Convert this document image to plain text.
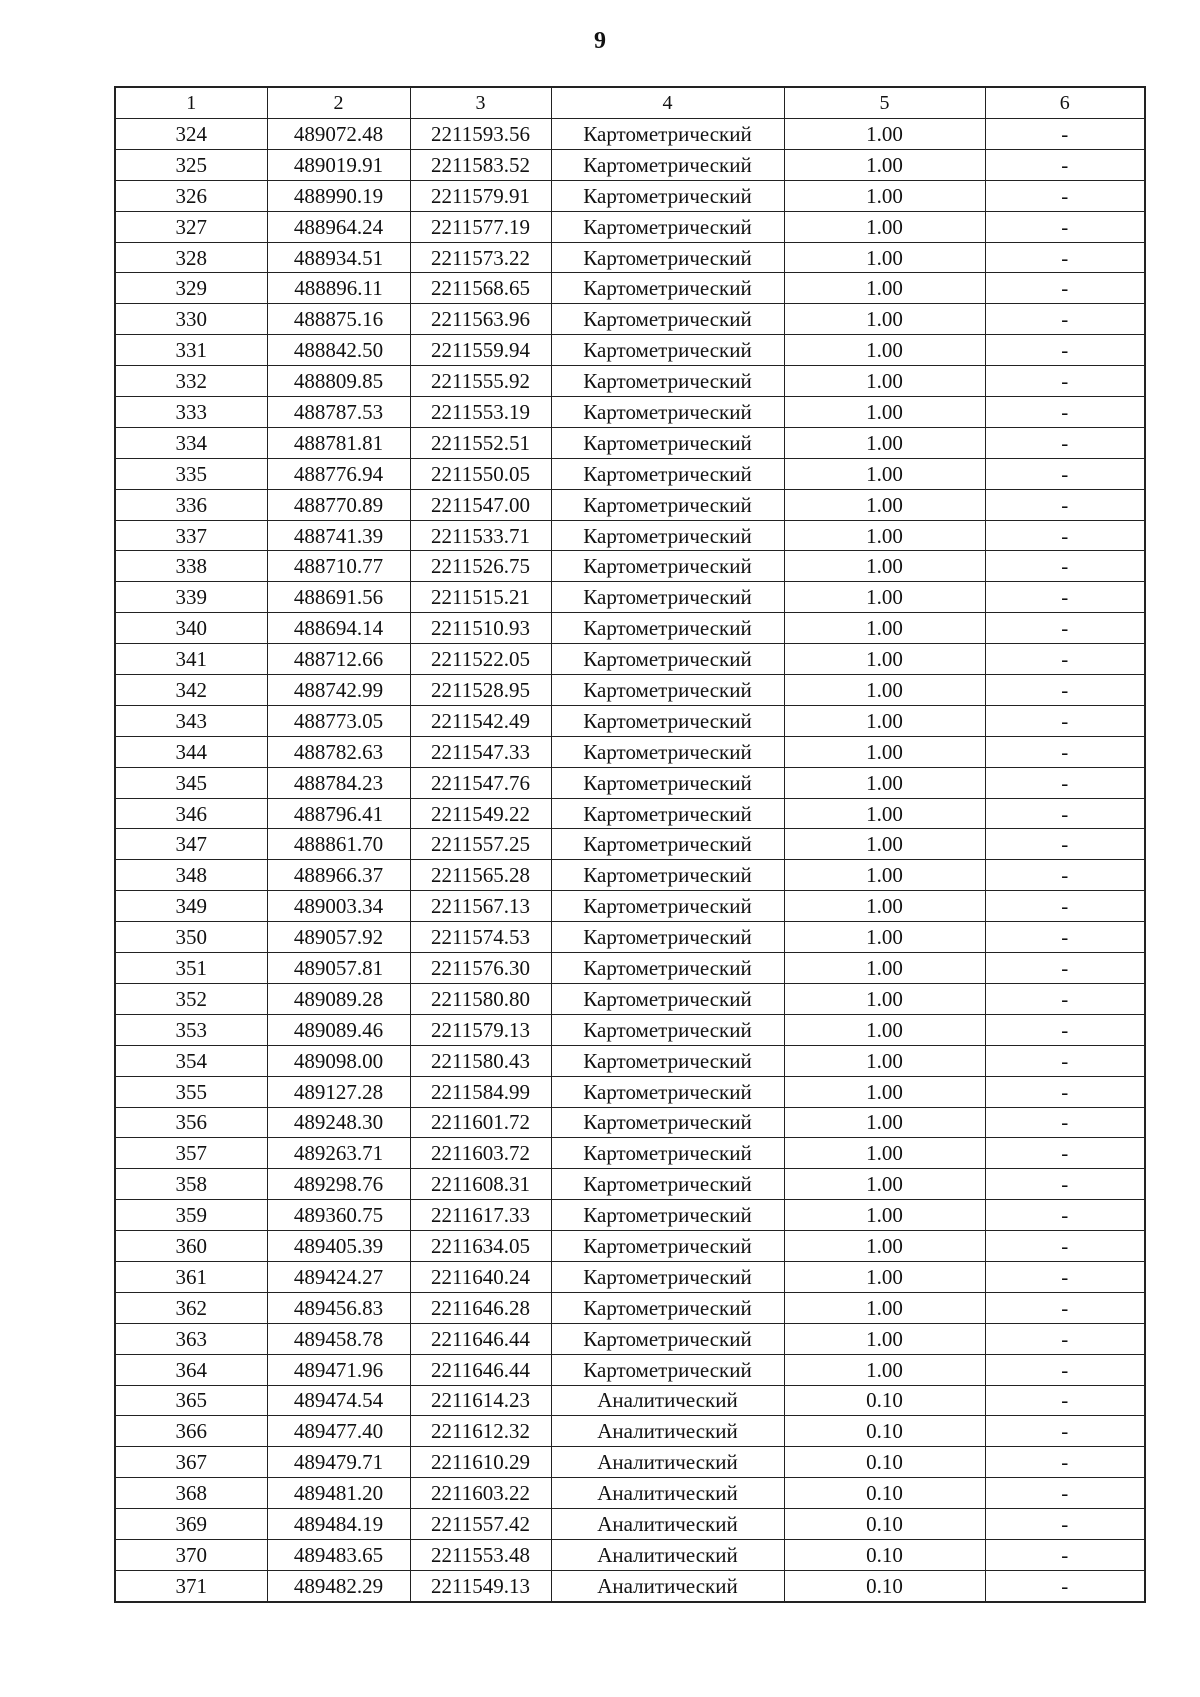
9
1	2	3	4	5	6
324	489072.48	2211593.56	Картометрический	1.00	-
325	489019.91	2211583.52	Картометрический	1.00	-
326	488990.19	2211579.91	Картометрический	1.00	-
327	488964.24	2211577.19	Картометрический	1.00	-
328	488934.51	2211573.22	Картометрический	1.00	-
329	488896.11	2211568.65	Картометрический	1.00	-
330	488875.16	2211563.96	Картометрический	1.00	-
331	488842.50	2211559.94	Картометрический	1.00	-
332	488809.85	2211555.92	Картометрический	1.00	-
333	488787.53	2211553.19	Картометрический	1.00	-
334	488781.81	2211552.51	Картометрический	1.00	-
335	488776.94	2211550.05	Картометрический	1.00	-
336	488770.89	2211547.00	Картометрический	1.00	-
337	488741.39	2211533.71	Картометрический	1.00	-
338	488710.77	2211526.75	Картометрический	1.00	-
339	488691.56	2211515.21	Картометрический	1.00	-
340	488694.14	2211510.93	Картометрический	1.00	-
341	488712.66	2211522.05	Картометрический	1.00	-
342	488742.99	2211528.95	Картометрический	1.00	-
343	488773.05	2211542.49	Картометрический	1.00	-
344	488782.63	2211547.33	Картометрический	1.00	-
345	488784.23	2211547.76	Картометрический	1.00	-
346	488796.41	2211549.22	Картометрический	1.00	-
347	488861.70	2211557.25	Картометрический	1.00	-
348	488966.37	2211565.28	Картометрический	1.00	-
349	489003.34	2211567.13	Картометрический	1.00	-
350	489057.92	2211574.53	Картометрический	1.00	-
351	489057.81	2211576.30	Картометрический	1.00	-
352	489089.28	2211580.80	Картометрический	1.00	-
353	489089.46	2211579.13	Картометрический	1.00	-
354	489098.00	2211580.43	Картометрический	1.00	-
355	489127.28	2211584.99	Картометрический	1.00	-
356	489248.30	2211601.72	Картометрический	1.00	-
357	489263.71	2211603.72	Картометрический	1.00	-
358	489298.76	2211608.31	Картометрический	1.00	-
359	489360.75	2211617.33	Картометрический	1.00	-
360	489405.39	2211634.05	Картометрический	1.00	-
361	489424.27	2211640.24	Картометрический	1.00	-
362	489456.83	2211646.28	Картометрический	1.00	-
363	489458.78	2211646.44	Картометрический	1.00	-
364	489471.96	2211646.44	Картометрический	1.00	-
365	489474.54	2211614.23	Аналитический	0.10	-
366	489477.40	2211612.32	Аналитический	0.10	-
367	489479.71	2211610.29	Аналитический	0.10	-
368	489481.20	2211603.22	Аналитический	0.10	-
369	489484.19	2211557.42	Аналитический	0.10	-
370	489483.65	2211553.48	Аналитический	0.10	-
371	489482.29	2211549.13	Аналитический	0.10	-
